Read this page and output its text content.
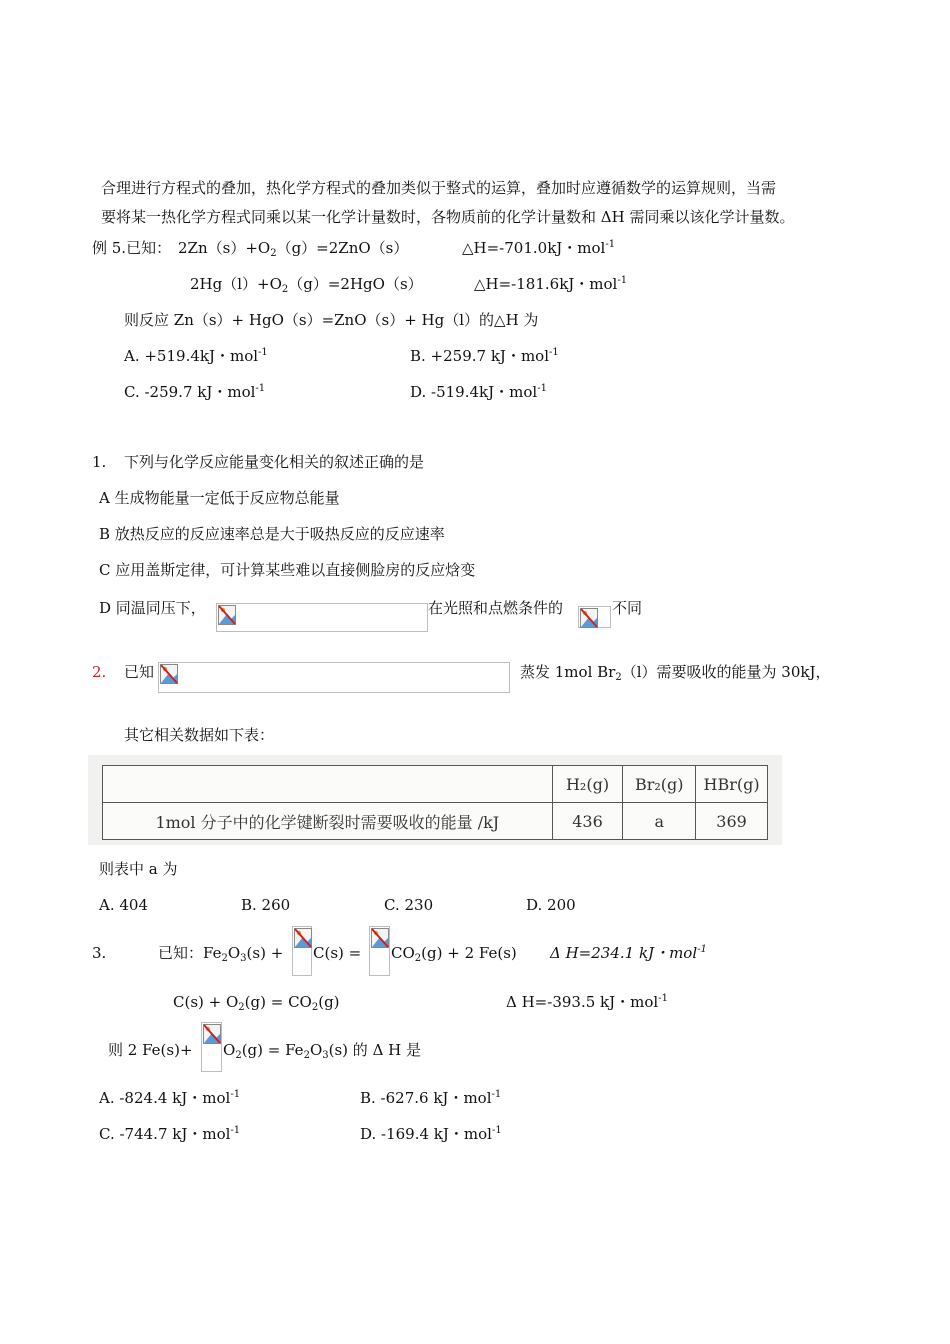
合理进行方程式的叠加，热化学方程式的叠加类似于整式的运算，叠加时应遵循数学的运算规则，当需
要将某一热化学方程式同乘以某一化学计量数时，各物质前的化学计量数和 ΔH 需同乘以该化学计量数。
例 5.已知： $2Zn(s)+O_2(g)=2ZnO(s)$	△H=-701.0kJ・mol$^{-1}$
$2Hg(l)+O_2(g)=2HgO(s)$	△H=-181.6kJ・mol$^{-1}$
则反应 Zn（s）+ HgO（s）=ZnO（s）+ Hg（l）的△H 为
A. +519.4kJ・mol$^{-1}$	B. +259.7 kJ・mol$^{-1}$
C. -259.7 kJ・mol$^{-1}$	D. -519.4kJ・mol$^{-1}$
1. 下列与化学反应能量变化相关的叙述正确的是
A 生成物能量一定低于反应物总能量
B 放热反应的反应速率总是大于吸热反应的反应速率
C 应用盖斯定律，可计算某些难以直接侧脸房的反应焓变
D 同温同压下，	在光照和点燃条件的	不同
2. 已知	蒸发 1mol $Br_2(l)$需要吸收的能量为 30kJ，
其它相关数据如下表：
	H₂(g)	Br₂(g)	HBr(g)
1mol 分子中的化学键断裂时需要吸收的能量 /kJ	436	a	369
则表中 a 为
A. 404	B. 260	C. 230	D. 200
3.	已知：$Fe_2O_3(s) + C(s) = CO_2(g) + 2$ Fe(s) Δ H=234.1 kJ・mol$^{-1}$
$C(s) + O_2(g) = CO_2(g)$	Δ H=-393.5 kJ・mol$^{-1}$
则 2 $Fe(s)+ O_2(g) = Fe_2O_3(s)$ 的 Δ H 是
A. -824.4 kJ・mol$^{-1}$	B. -627.6 kJ・mol$^{-1}$
C. -744.7 kJ・mol$^{-1}$	D. -169.4 kJ・mol$^{-1}$
